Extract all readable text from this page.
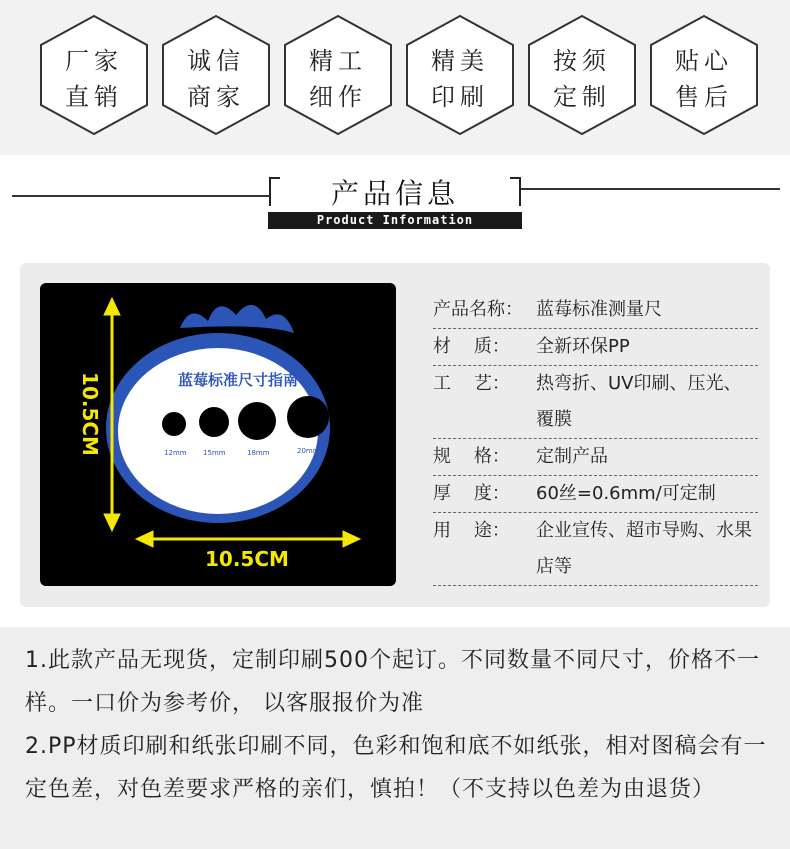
厂家
直销
诚信
商家
精工
细作
精美
印刷
按须
定制
贴心
售后
产品信息
Product Information
蓝莓标准尺寸指南
12mm 15mm	18mm	20mm
10.5CM
10.5CM
产品名称： 蓝莓标准测量尺
材    质：	全新环保PP
工    艺：	热弯折、UV印刷、压光、覆膜
规    格：	定制产品
厚    度：	60丝=0.6mm/可定制
用    途：	企业宣传、超市导购、水果店等
1.此款产品无现货，定制印刷500个起订。不同数量不同尺寸，价格不一样。一口价为参考价， 以客服报价为准
2.PP材质印刷和纸张印刷不同，色彩和饱和底不如纸张，相对图稿会有一定色差，对色差要求严格的亲们，慎拍！（不支持以色差为由退货）
